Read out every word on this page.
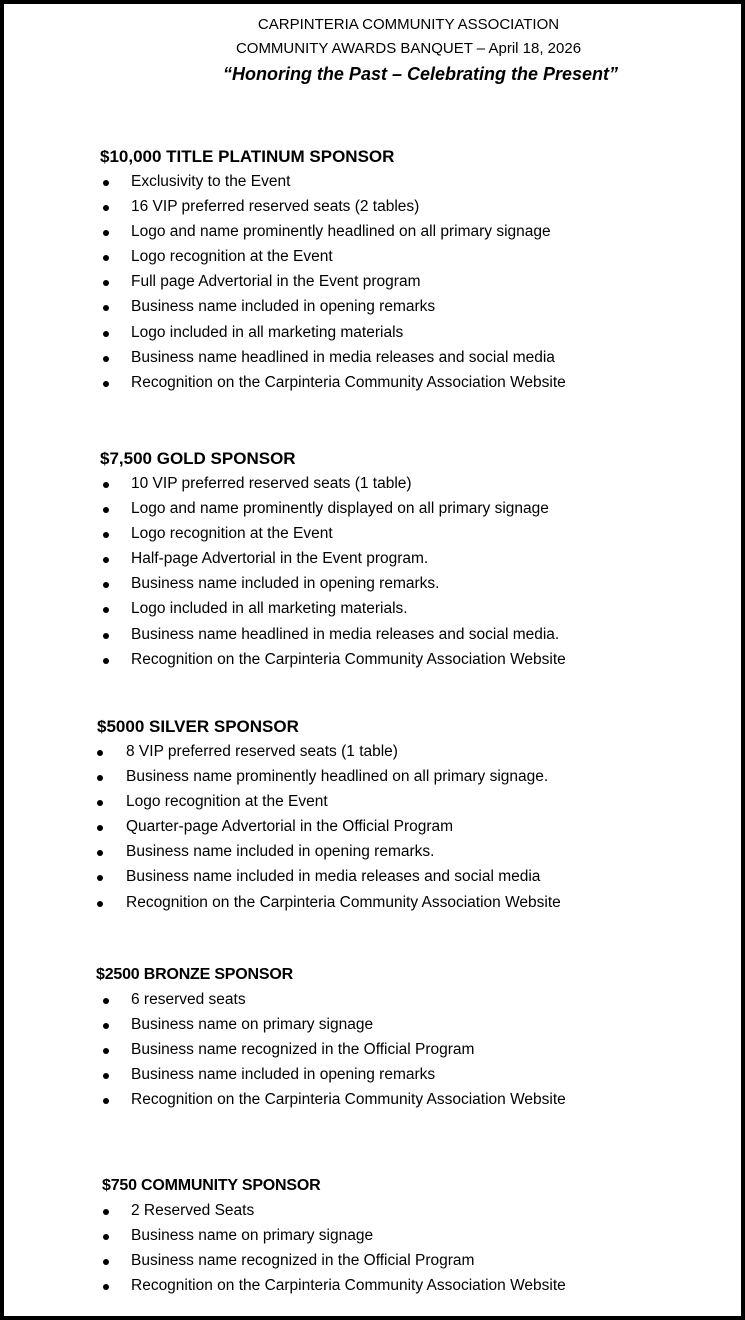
CARPINTERIA COMMUNITY ASSOCIATION
COMMUNITY AWARDS BANQUET – April 18, 2026
“Honoring the Past – Celebrating the Present”
$10,000 TITLE PLATINUM SPONSOR
Exclusivity to the Event
16 VIP preferred reserved seats (2 tables)
Logo and name prominently headlined on all primary signage
Logo recognition at the Event
Full page Advertorial in the Event program
Business name included in opening remarks
Logo included in all marketing materials
Business name headlined in media releases and social media
Recognition on the Carpinteria Community Association Website
$7,500 GOLD SPONSOR
10 VIP preferred reserved seats (1 table)
Logo and name prominently displayed on all primary signage
Logo recognition at the Event
Half-page Advertorial in the Event program.
Business name included in opening remarks.
Logo included in all marketing materials.
Business name headlined in media releases and social media.
Recognition on the Carpinteria Community Association Website
$5000 SILVER SPONSOR
8 VIP preferred reserved seats (1 table)
Business name prominently headlined on all primary signage.
Logo recognition at the Event
Quarter-page Advertorial in the Official Program
Business name included in opening remarks.
Business name included in media releases and social media
Recognition on the Carpinteria Community Association Website
$2500 BRONZE SPONSOR
6 reserved seats
Business name on primary signage
Business name recognized in the Official Program
Business name included in opening remarks
Recognition on the Carpinteria Community Association Website
$750 COMMUNITY SPONSOR
2 Reserved Seats
Business name on primary signage
Business name recognized in the Official Program
Recognition on the Carpinteria Community Association Website
